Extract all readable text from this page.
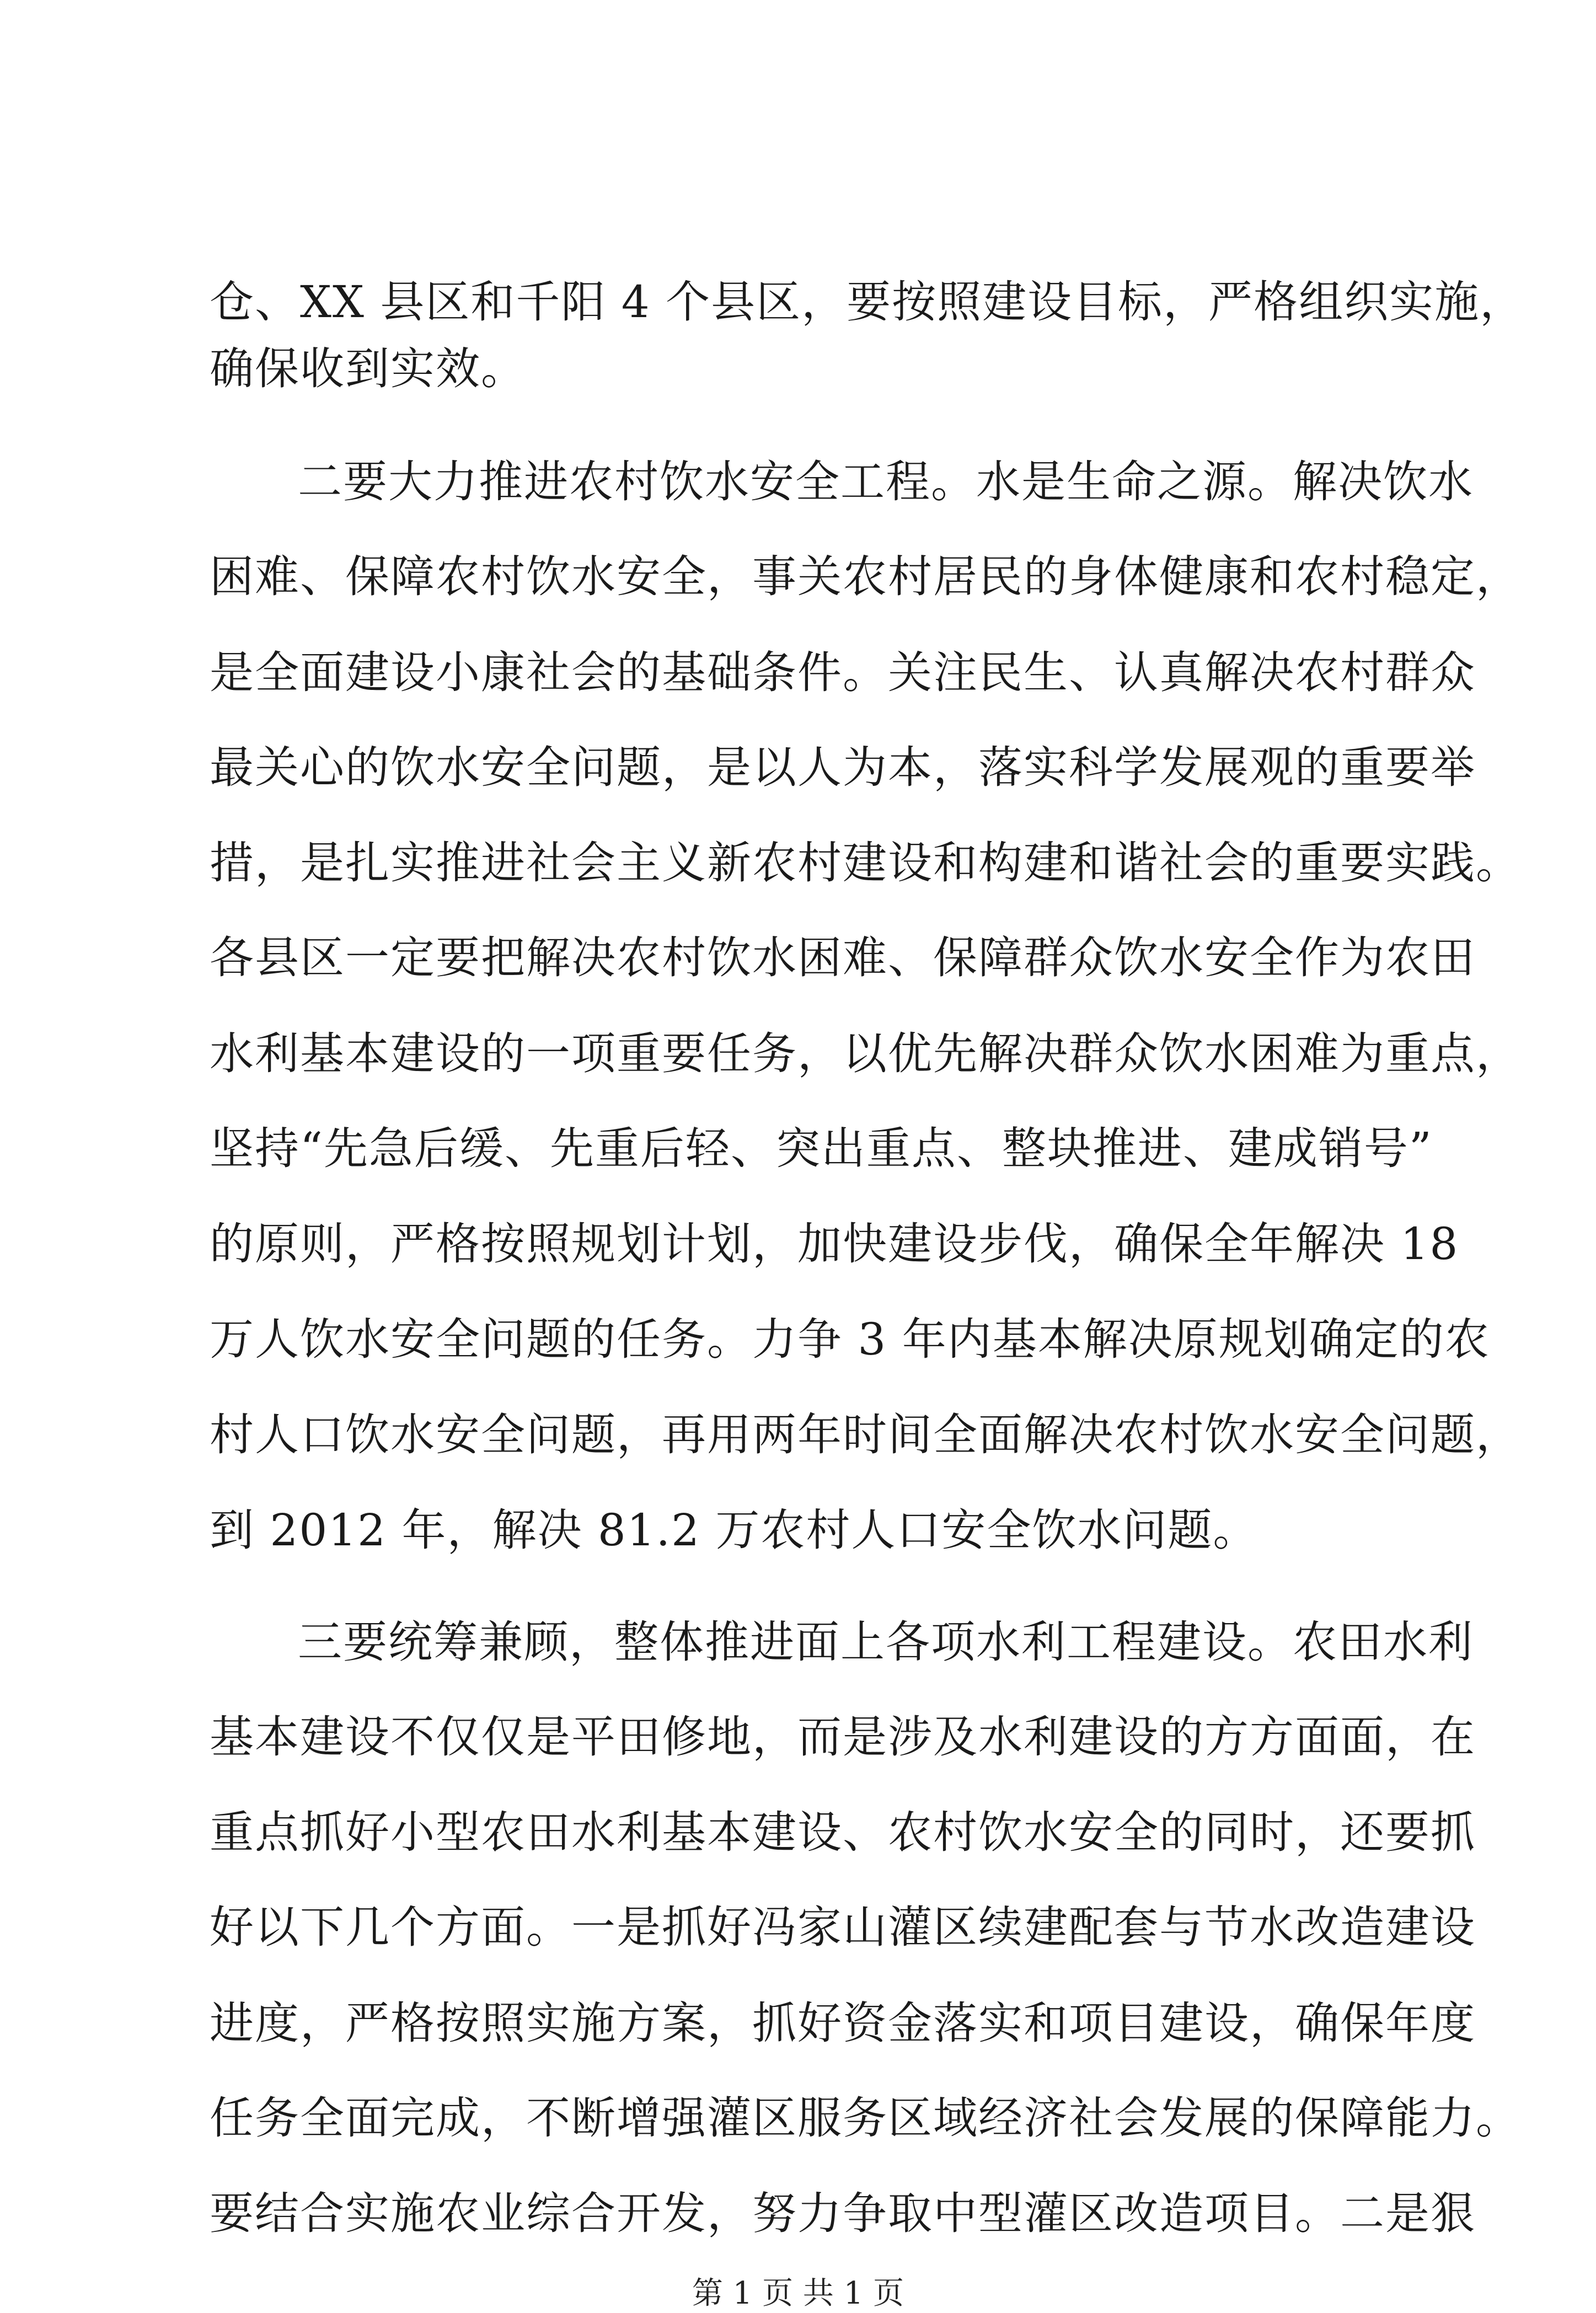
仓、XX 县区和千阳 4 个县区，要按照建设目标，严格组织实施，
确保收到实效。
二要大力推进农村饮水安全工程。水是生命之源。解决饮水
困难、保障农村饮水安全，事关农村居民的身体健康和农村稳定，
是全面建设小康社会的基础条件。关注民生、认真解决农村群众
最关心的饮水安全问题，是以人为本，落实科学发展观的重要举
措，是扎实推进社会主义新农村建设和构建和谐社会的重要实践。
各县区一定要把解决农村饮水困难、保障群众饮水安全作为农田
水利基本建设的一项重要任务，以优先解决群众饮水困难为重点，
坚持“先急后缓、先重后轻、突出重点、整块推进、建成销号”
的原则，严格按照规划计划，加快建设步伐，确保全年解决 18
万人饮水安全问题的任务。力争 3 年内基本解决原规划确定的农
村人口饮水安全问题，再用两年时间全面解决农村饮水安全问题，
到 2012 年，解决 81.2 万农村人口安全饮水问题。
三要统筹兼顾，整体推进面上各项水利工程建设。农田水利
基本建设不仅仅是平田修地，而是涉及水利建设的方方面面，在
重点抓好小型农田水利基本建设、农村饮水安全的同时，还要抓
好以下几个方面。一是抓好冯家山灌区续建配套与节水改造建设
进度，严格按照实施方案，抓好资金落实和项目建设，确保年度
任务全面完成，不断增强灌区服务区域经济社会发展的保障能力。
要结合实施农业综合开发，努力争取中型灌区改造项目。二是狠
第 1 页 共 1 页
